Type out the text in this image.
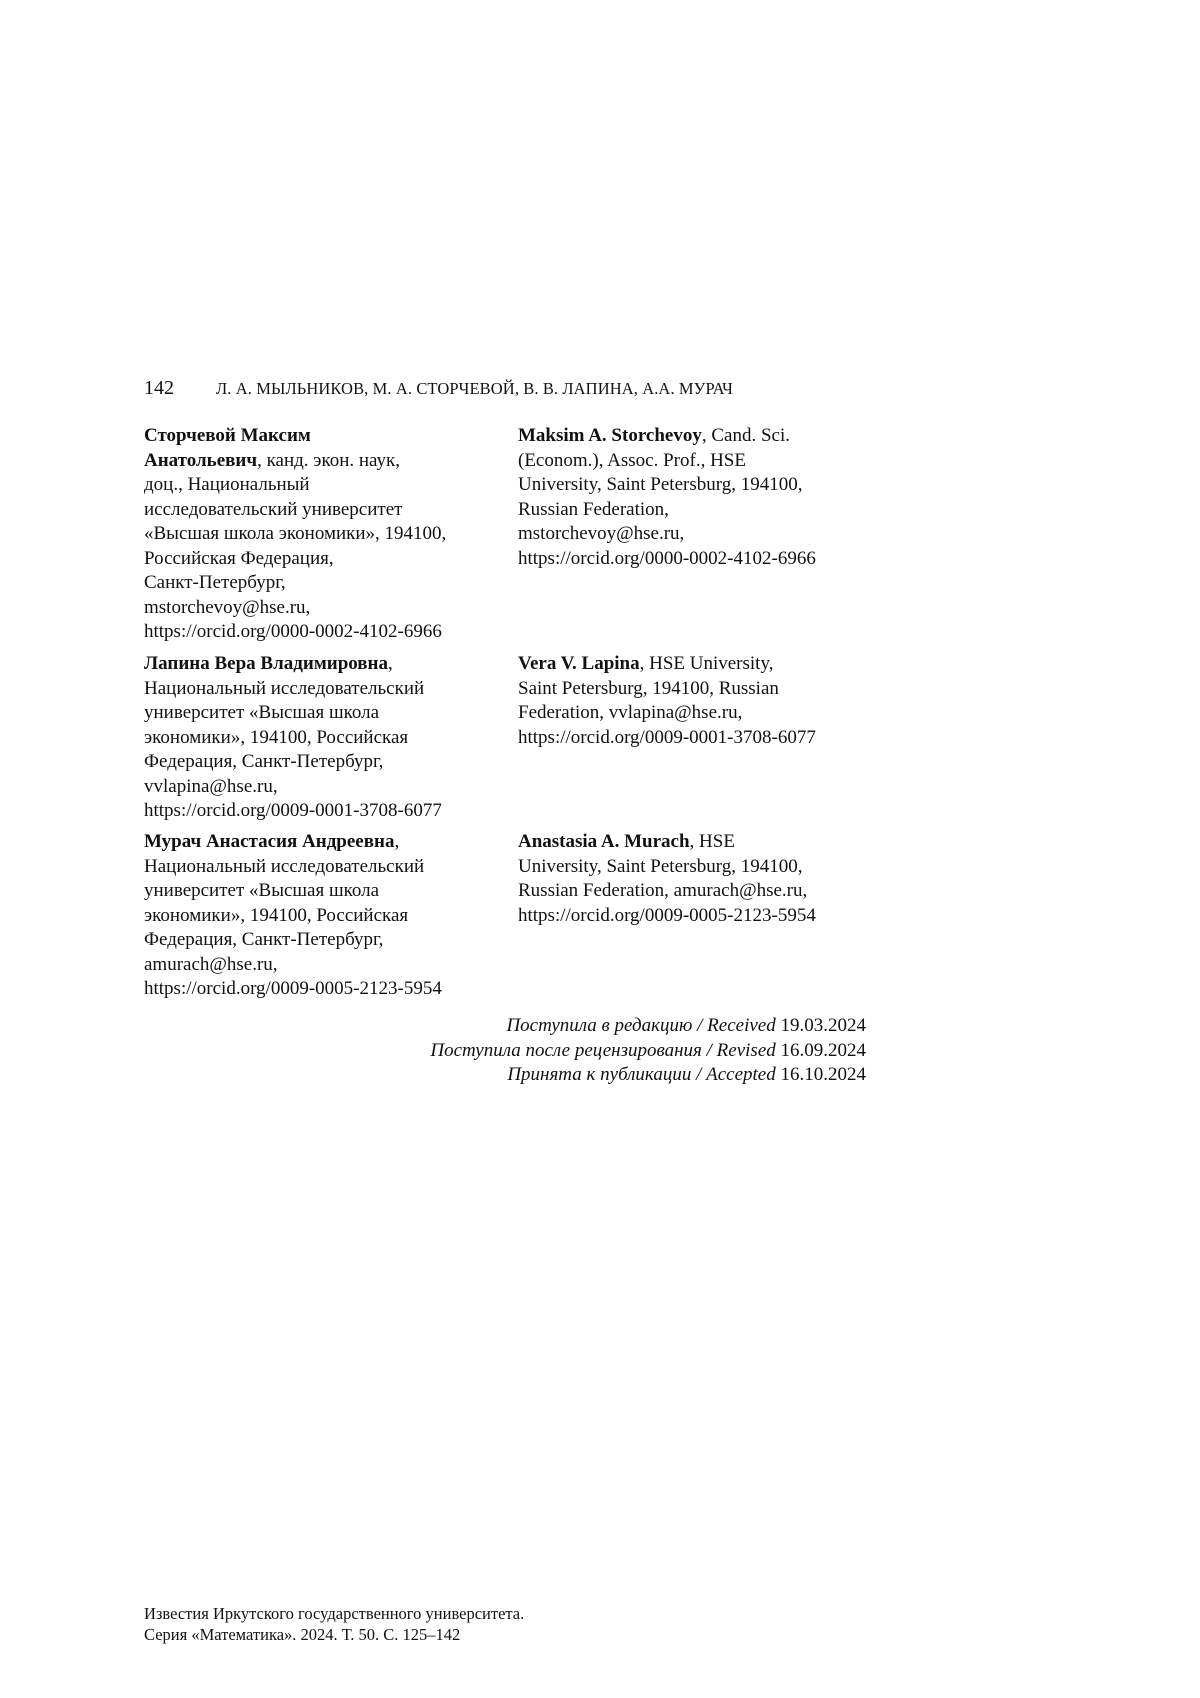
142	Л. А. МЫЛЬНИКОВ, М. А. СТОРЧЕВОЙ, В. В. ЛАПИНА, А.А. МУРАЧ
Сторчевой Максим
Анатольевич, канд. экон. наук,
доц., Национальный
исследовательский университет
«Высшая школа экономики», 194100,
Российская Федерация,
Санкт-Петербург,
mstorchevoy@hse.ru,
https://orcid.org/0000-0002-4102-6966
Maksim A. Storchevoy, Cand. Sci.
(Econom.), Assoc. Prof., HSE
University, Saint Petersburg, 194100,
Russian Federation,
mstorchevoy@hse.ru,
https://orcid.org/0000-0002-4102-6966
Лапина Вера Владимировна,
Национальный исследовательский
университет «Высшая школа
экономики», 194100, Российская
Федерация, Санкт-Петербург,
vvlapina@hse.ru,
https://orcid.org/0009-0001-3708-6077
Vera V. Lapina, HSE University,
Saint Petersburg, 194100, Russian
Federation, vvlapina@hse.ru,
https://orcid.org/0009-0001-3708-6077
Мурач Анастасия Андреевна,
Национальный исследовательский
университет «Высшая школа
экономики», 194100, Российская
Федерация, Санкт-Петербург,
amurach@hse.ru,
https://orcid.org/0009-0005-2123-5954
Anastasia A. Murach, HSE
University, Saint Petersburg, 194100,
Russian Federation, amurach@hse.ru,
https://orcid.org/0009-0005-2123-5954
Поступила в редакцию / Received 19.03.2024
Поступила после рецензирования / Revised 16.09.2024
Принята к публикации / Accepted 16.10.2024
Известия Иркутского государственного университета.
Серия «Математика». 2024. Т. 50. С. 125–142
